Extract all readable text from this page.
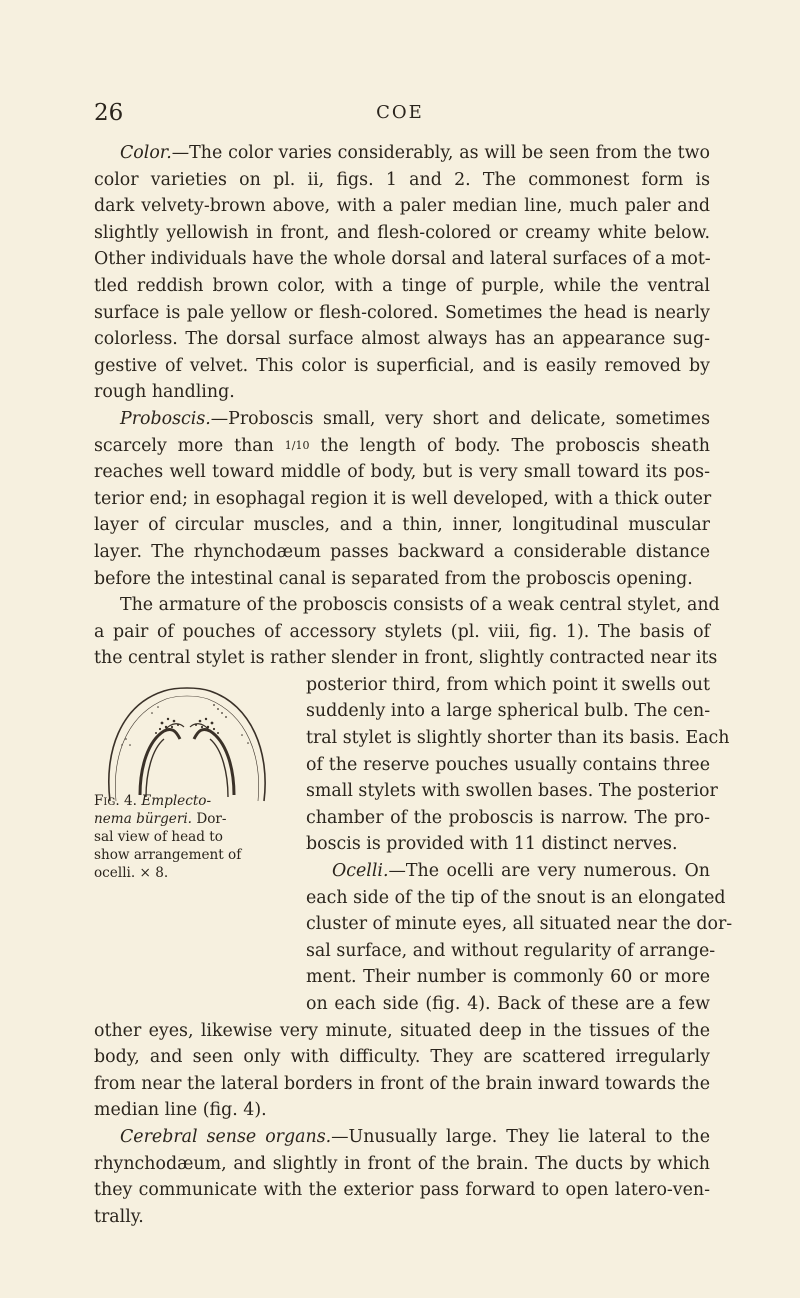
26	COE
Color.—The color varies considerably, as will be seen from the two
color varieties on pl. ii, figs. 1 and 2. The commonest form is
dark velvety-brown above, with a paler median line, much paler and
slightly yellowish in front, and flesh-colored or creamy white below.
Other individuals have the whole dorsal and lateral surfaces of a mot-
tled reddish brown color, with a tinge of purple, while the ventral
surface is pale yellow or flesh-colored. Sometimes the head is nearly
colorless. The dorsal surface almost always has an appearance sug-
gestive of velvet. This color is superficial, and is easily removed by
rough handling.
Proboscis.—Proboscis small, very short and delicate, sometimes
scarcely more than 1/10 the length of body. The proboscis sheath
reaches well toward middle of body, but is very small toward its pos-
terior end; in esophagal region it is well developed, with a thick outer
layer of circular muscles, and a thin, inner, longitudinal muscular
layer. The rhynchodæum passes backward a considerable distance
before the intestinal canal is separated from the proboscis opening.
The armature of the proboscis consists of a weak central stylet, and
a pair of pouches of accessory stylets (pl. viii, fig. 1). The basis of
the central stylet is rather slender in front, slightly contracted near its
posterior third, from which point it swells out
suddenly into a large spherical bulb. The cen-
tral stylet is slightly shorter than its basis. Each
of the reserve pouches usually contains three
small stylets with swollen bases. The posterior
chamber of the proboscis is narrow. The pro-
boscis is provided with 11 distinct nerves.
Ocelli.—The ocelli are very numerous. On
each side of the tip of the snout is an elongated
cluster of minute eyes, all situated near the dor-
sal surface, and without regularity of arrange-
ment. Their number is commonly 60 or more
on each side (fig. 4). Back of these are a few
other eyes, likewise very minute, situated deep in the tissues of the
body, and seen only with difficulty. They are scattered irregularly
from near the lateral borders in front of the brain inward towards the
median line (fig. 4).
Cerebral sense organs.—Unusually large. They lie lateral to the
rhynchodæum, and slightly in front of the brain. The ducts by which
they communicate with the exterior pass forward to open latero-ven-
trally.
Fig. 4. Emplecto-
nema bürgeri. Dor-
sal view of head to
show arrangement of
ocelli. × 8.
